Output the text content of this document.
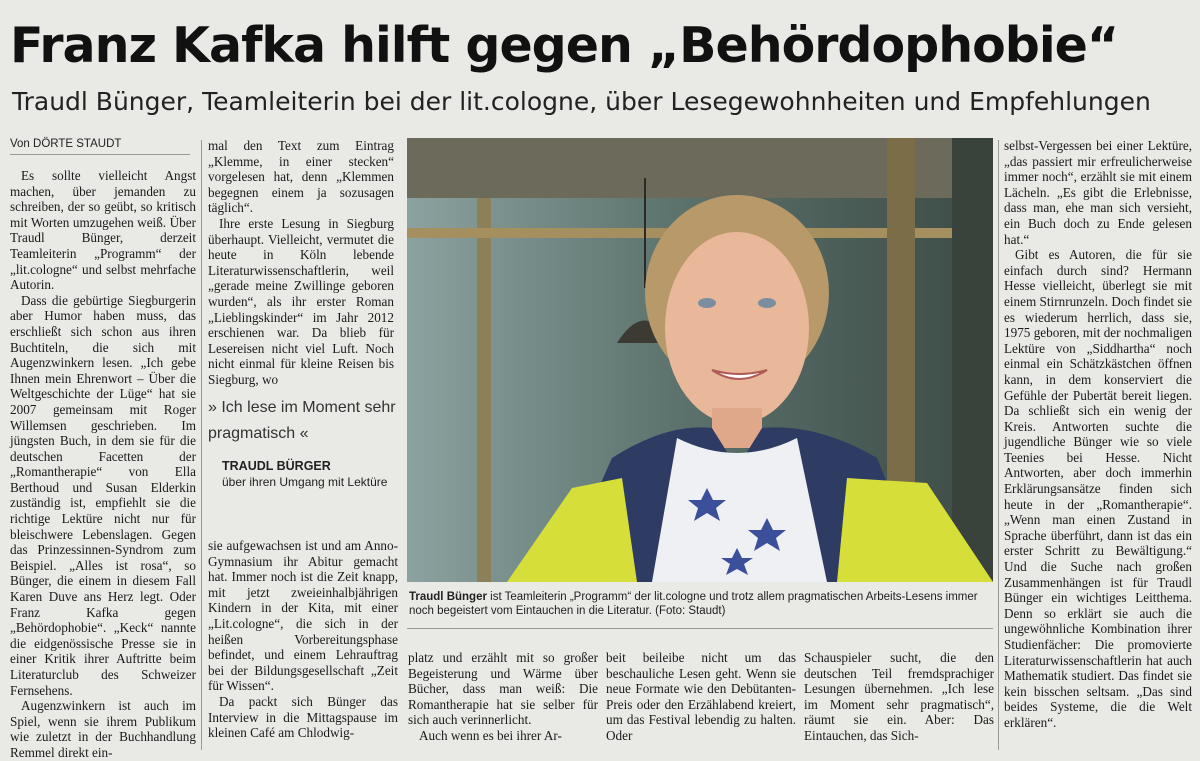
Franz Kafka hilft gegen „Behördophobie“
Traudl Bünger, Teamleiterin bei der lit.cologne, über Lesegewohnheiten und Empfehlungen
Von DÖRTE STAUDT

Es sollte vielleicht Angst machen, über jemanden zu schreiben, der so geübt, so kritisch mit Worten umzugehen weiß. Über Traudl Bünger, derzeit Teamleiterin „Programm“ der „lit.cologne“ und selbst mehrfache Autorin.

Dass die gebürtige Siegburgerin aber Humor haben muss, das erschließt sich schon aus ihren Buchtiteln, die sich mit Augenzwinkern lesen. „Ich gebe Ihnen mein Ehrenwort – Über die Weltgeschichte der Lüge“ hat sie 2007 gemeinsam mit Roger Willemsen geschrieben. Im jüngsten Buch, in dem sie für die deutschen Facetten der „Romantherapie“ von Ella Berthoud und Susan Elderkin zuständig ist, empfiehlt sie die richtige Lektüre nicht nur für bleischwere Lebenslagen. Gegen das Prinzessinnen-Syndrom zum Beispiel. „Alles ist rosa“, so Bünger, die einem in diesem Fall Karen Duve ans Herz legt. Oder Franz Kafka gegen „Behördophobie“. „Keck“ nannte die eidgenössische Presse sie in einer Kritik ihrer Auftritte beim Literaturclub des Schweizer Fernsehens.

Augenzwinkern ist auch im Spiel, wenn sie ihrem Publikum wie zuletzt in der Buchhandlung Remmel direkt ein-

mal den Text zum Eintrag „Klemme, in einer stecken“ vorgelesen hat, denn „Klemmen begegnen einem ja sozusagen täglich“.

Ihre erste Lesung in Siegburg überhaupt. Vielleicht, vermutet die heute in Köln lebende Literaturwissenschaftlerin, weil „gerade meine Zwillinge geboren wurden“, als ihr erster Roman „Lieblingskinder“ im Jahr 2012 erschienen war. Da blieb für Lesereisen nicht viel Luft. Noch nicht einmal für kleine Reisen bis Siegburg, wo

» Ich lese im Moment sehr pragmatisch «
TRAUDL BÜRGER
über ihren Umgang mit Lektüre

sie aufgewachsen ist und am Anno-Gymnasium ihr Abitur gemacht hat. Immer noch ist die Zeit knapp, mit jetzt zweieinhalbjährigen Kindern in der Kita, mit einer „Lit.cologne“, die sich in der heißen Vorbereitungsphase befindet, und einem Lehrauftrag bei der Bildungsgesellschaft „Zeit für Wissen“.

Da packt sich Bünger das Interview in die Mittagspause im kleinen Café am Chlodwig-

Traudl Bünger ist Teamleiterin „Programm“ der lit.cologne und trotz allem pragmatischen Arbeits-Lesens immer noch begeistert vom Eintauchen in die Literatur. (Foto: Staudt)

platz und erzählt mit so großer Begeisterung und Wärme über Bücher, dass man weiß: Die Romantherapie hat sie selber für sich auch verinnerlicht.

Auch wenn es bei ihrer Ar-

beit beileibe nicht um das beschauliche Lesen geht. Wenn sie neue Formate wie den Debütanten-Preis oder den Erzählabend kreiert, um das Festival lebendig zu halten. Oder

Schauspieler sucht, die den deutschen Teil fremdsprachiger Lesungen übernehmen. „Ich lese im Moment sehr pragmatisch“, räumt sie ein. Aber: Das Eintauchen, das Sich-

selbst-Vergessen bei einer Lektüre, „das passiert mir erfreulicherweise immer noch“, erzählt sie mit einem Lächeln. „Es gibt die Erlebnisse, dass man, ehe man sich versieht, ein Buch doch zu Ende gelesen hat.“

Gibt es Autoren, die für sie einfach durch sind? Hermann Hesse vielleicht, überlegt sie mit einem Stirnrunzeln. Doch findet sie es wiederum herrlich, dass sie, 1975 geboren, mit der nochmaligen Lektüre von „Siddhartha“ noch einmal ein Schätzkästchen öffnen kann, in dem konserviert die Gefühle der Pubertät bereit liegen. Da schließt sich ein wenig der Kreis. Antworten suchte die jugendliche Bünger wie so viele Teenies bei Hesse. Nicht Antworten, aber doch immerhin Erklärungsansätze finden sich heute in der „Romantherapie“. „Wenn man einen Zustand in Sprache überführt, dann ist das ein erster Schritt zu Bewältigung.“ Und die Suche nach großen Zusammenhängen ist für Traudl Bünger ein wichtiges Leitthema. Denn so erklärt sie auch die ungewöhnliche Kombination ihrer Studienfächer: Die promovierte Literaturwissenschaftlerin hat auch Mathematik studiert. Das findet sie kein bisschen seltsam. „Das sind beides Systeme, die die Welt erklären“.
